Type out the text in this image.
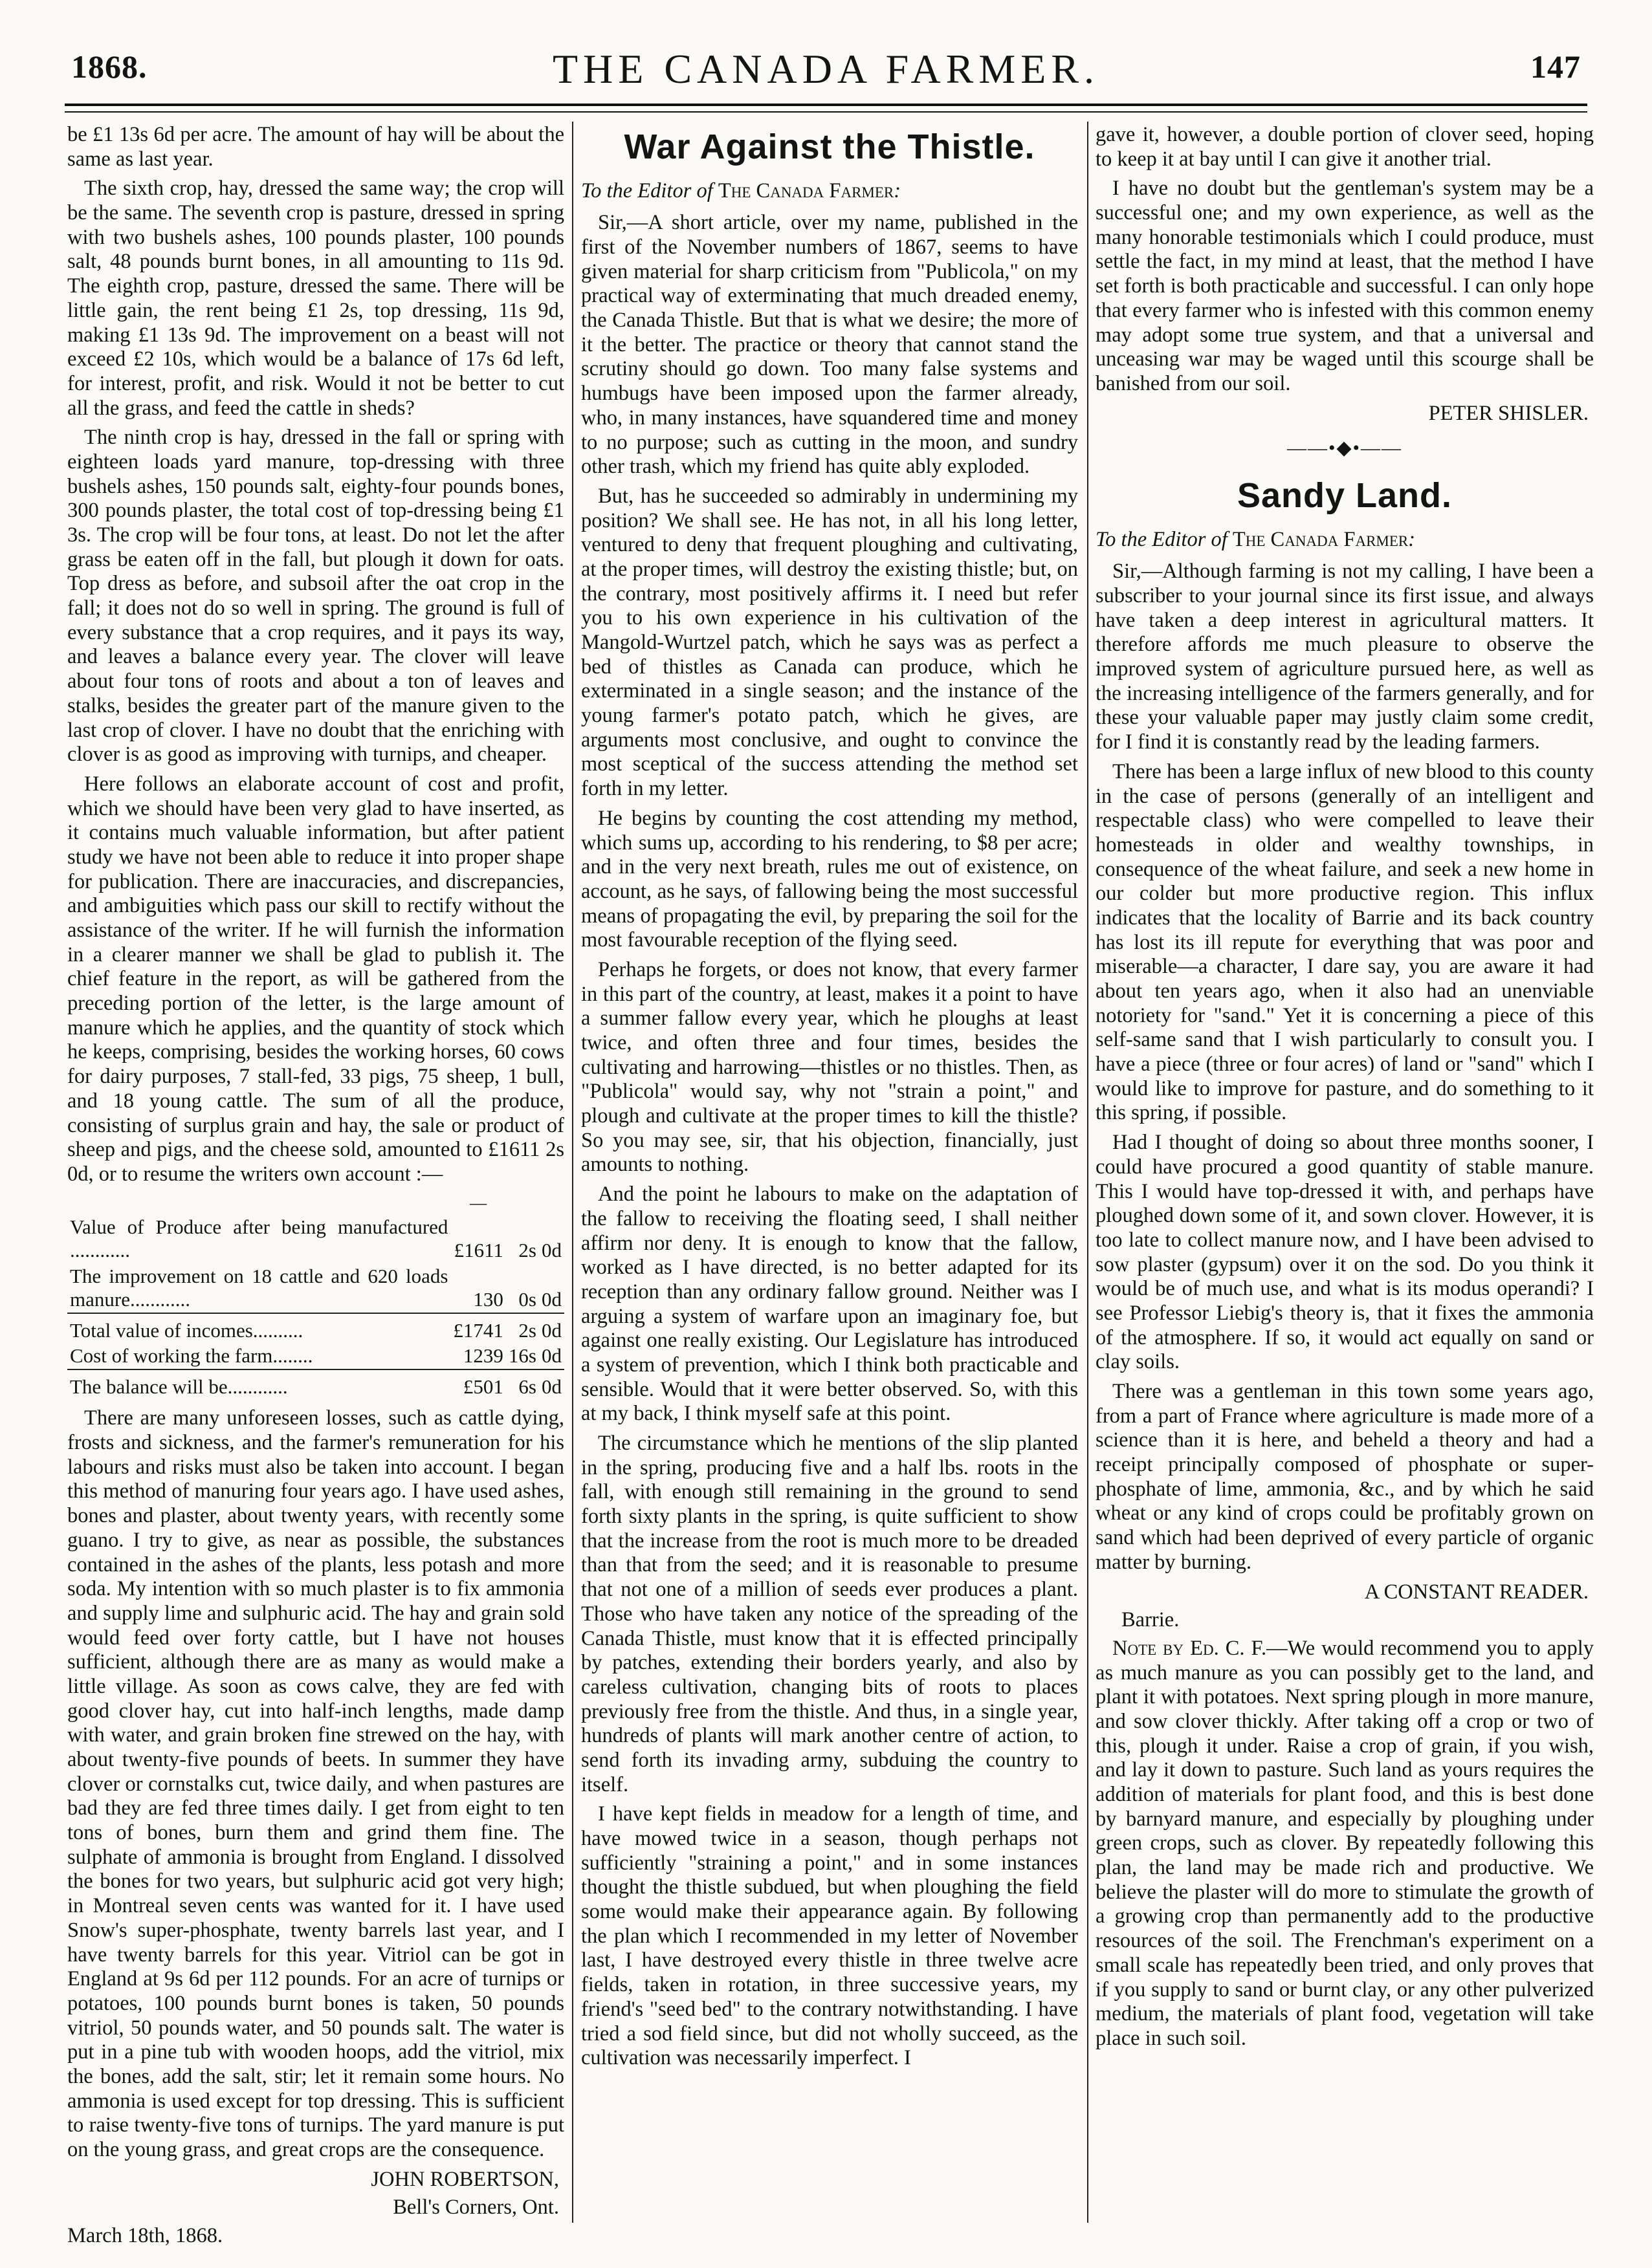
1868.	THE CANADA FARMER.	147

be £1 13s 6d per acre. The amount of hay will be about the same as last year.

The sixth crop, hay, dressed the same way; the crop will be the same. The seventh crop is pasture, dressed in spring with two bushels ashes, 100 pounds plaster, 100 pounds salt, 48 pounds burnt bones, in all amounting to 11s 9d. The eighth crop, pasture, dressed the same. There will be little gain, the rent being £1 2s, top dressing, 11s 9d, making £1 13s 9d. The improvement on a beast will not exceed £2 10s, which would be a balance of 17s 6d left, for interest, profit, and risk. Would it not be better to cut all the grass, and feed the cattle in sheds?

The ninth crop is hay, dressed in the fall or spring with eighteen loads yard manure, top-dressing with three bushels ashes, 150 pounds salt, eighty-four pounds bones, 300 pounds plaster, the total cost of top-dressing being £1 3s. The crop will be four tons, at least. Do not let the after grass be eaten off in the fall, but plough it down for oats. Top dress as before, and subsoil after the oat crop in the fall; it does not do so well in spring. The ground is full of every substance that a crop requires, and it pays its way, and leaves a balance every year. The clover will leave about four tons of roots and about a ton of leaves and stalks, besides the greater part of the manure given to the last crop of clover. I have no doubt that the enriching with clover is as good as improving with turnips, and cheaper.

Here follows an elaborate account of cost and profit, which we should have been very glad to have inserted, as it contains much valuable information, but after patient study we have not been able to reduce it into proper shape for publication. There are inaccuracies, and discrepancies, and ambiguities which pass our skill to rectify without the assistance of the writer. If he will furnish the information in a clearer manner we shall be glad to publish it. The chief feature in the report, as will be gathered from the preceding portion of the letter, is the large amount of manure which he applies, and the quantity of stock which he keeps, comprising, besides the working horses, 60 cows for dairy purposes, 7 stall-fed, 33 pigs, 75 sheep, 1 bull, and 18 young cattle. The sum of all the produce, consisting of surplus grain and hay, the sale or product of sheep and pigs, and the cheese sold, amounted to £1611 2s 0d, or to resume the writers own account :—

	—		
Value of Produce after being manufactured ............	£1611	2s	0d
The improvement on 18 cattle and 620 loads manure............	130	0s	0d
Total value of incomes..........	£1741	2s	0d
Cost of working the farm........	1239	16s	0d
The balance will be............	£501	6s	0d

There are many unforeseen losses, such as cattle dying, frosts and sickness, and the farmer's remuneration for his labours and risks must also be taken into account. I began this method of manuring four years ago. I have used ashes, bones and plaster, about twenty years, with recently some guano. I try to give, as near as possible, the substances contained in the ashes of the plants, less potash and more soda. My intention with so much plaster is to fix ammonia and supply lime and sulphuric acid. The hay and grain sold would feed over forty cattle, but I have not houses sufficient, although there are as many as would make a little village. As soon as cows calve, they are fed with good clover hay, cut into half-inch lengths, made damp with water, and grain broken fine strewed on the hay, with about twenty-five pounds of beets. In summer they have clover or cornstalks cut, twice daily, and when pastures are bad they are fed three times daily. I get from eight to ten tons of bones, burn them and grind them fine. The sulphate of ammonia is brought from England. I dissolved the bones for two years, but sulphuric acid got very high; in Montreal seven cents was wanted for it. I have used Snow's super-phosphate, twenty barrels last year, and I have twenty barrels for this year. Vitriol can be got in England at 9s 6d per 112 pounds. For an acre of turnips or potatoes, 100 pounds burnt bones is taken, 50 pounds vitriol, 50 pounds water, and 50 pounds salt. The water is put in a pine tub with wooden hoops, add the vitriol, mix the bones, add the salt, stir; let it remain some hours. No ammonia is used except for top dressing. This is sufficient to raise twenty-five tons of turnips. The yard manure is put on the young grass, and great crops are the consequence.

JOHN ROBERTSON,

Bell's Corners, Ont.

March 18th, 1868.

War Against the Thistle.

To the Editor of The Canada Farmer:

Sir,—A short article, over my name, published in the first of the November numbers of 1867, seems to have given material for sharp criticism from "Publicola," on my practical way of exterminating that much dreaded enemy, the Canada Thistle. But that is what we desire; the more of it the better. The practice or theory that cannot stand the scrutiny should go down. Too many false systems and humbugs have been imposed upon the farmer already, who, in many instances, have squandered time and money to no purpose; such as cutting in the moon, and sundry other trash, which my friend has quite ably exploded.

But, has he succeeded so admirably in undermining my position? We shall see. He has not, in all his long letter, ventured to deny that frequent ploughing and cultivating, at the proper times, will destroy the existing thistle; but, on the contrary, most positively affirms it. I need but refer you to his own experience in his cultivation of the Mangold-Wurtzel patch, which he says was as perfect a bed of thistles as Canada can produce, which he exterminated in a single season; and the instance of the young farmer's potato patch, which he gives, are arguments most conclusive, and ought to convince the most sceptical of the success attending the method set forth in my letter.

He begins by counting the cost attending my method, which sums up, according to his rendering, to $8 per acre; and in the very next breath, rules me out of existence, on account, as he says, of fallowing being the most successful means of propagating the evil, by preparing the soil for the most favourable reception of the flying seed.

Perhaps he forgets, or does not know, that every farmer in this part of the country, at least, makes it a point to have a summer fallow every year, which he ploughs at least twice, and often three and four times, besides the cultivating and harrowing—thistles or no thistles. Then, as "Publicola" would say, why not "strain a point," and plough and cultivate at the proper times to kill the thistle? So you may see, sir, that his objection, financially, just amounts to nothing.

And the point he labours to make on the adaptation of the fallow to receiving the floating seed, I shall neither affirm nor deny. It is enough to know that the fallow, worked as I have directed, is no better adapted for its reception than any ordinary fallow ground. Neither was I arguing a system of warfare upon an imaginary foe, but against one really existing. Our Legislature has introduced a system of prevention, which I think both practicable and sensible. Would that it were better observed. So, with this at my back, I think myself safe at this point.

The circumstance which he mentions of the slip planted in the spring, producing five and a half lbs. roots in the fall, with enough still remaining in the ground to send forth sixty plants in the spring, is quite sufficient to show that the increase from the root is much more to be dreaded than that from the seed; and it is reasonable to presume that not one of a million of seeds ever produces a plant. Those who have taken any notice of the spreading of the Canada Thistle, must know that it is effected principally by patches, extending their borders yearly, and also by careless cultivation, changing bits of roots to places previously free from the thistle. And thus, in a single year, hundreds of plants will mark another centre of action, to send forth its invading army, subduing the country to itself.

I have kept fields in meadow for a length of time, and have mowed twice in a season, though perhaps not sufficiently "straining a point," and in some instances thought the thistle subdued, but when ploughing the field some would make their appearance again. By following the plan which I recommended in my letter of November last, I have destroyed every thistle in three twelve acre fields, taken in rotation, in three successive years, my friend's "seed bed" to the contrary notwithstanding. I have tried a sod field since, but did not wholly succeed, as the cultivation was necessarily imperfect. I

gave it, however, a double portion of clover seed, hoping to keep it at bay until I can give it another trial.

I have no doubt but the gentleman's system may be a successful one; and my own experience, as well as the many honorable testimonials which I could produce, must settle the fact, in my mind at least, that the method I have set forth is both practicable and successful. I can only hope that every farmer who is infested with this common enemy may adopt some true system, and that a universal and unceasing war may be waged until this scourge shall be banished from our soil.

PETER SHISLER.

——•◆•——
Sandy Land.

To the Editor of The Canada Farmer:

Sir,—Although farming is not my calling, I have been a subscriber to your journal since its first issue, and always have taken a deep interest in agricultural matters. It therefore affords me much pleasure to observe the improved system of agriculture pursued here, as well as the increasing intelligence of the farmers generally, and for these your valuable paper may justly claim some credit, for I find it is constantly read by the leading farmers.

There has been a large influx of new blood to this county in the case of persons (generally of an intelligent and respectable class) who were compelled to leave their homesteads in older and wealthy townships, in consequence of the wheat failure, and seek a new home in our colder but more productive region. This influx indicates that the locality of Barrie and its back country has lost its ill repute for everything that was poor and miserable—a character, I dare say, you are aware it had about ten years ago, when it also had an unenviable notoriety for "sand." Yet it is concerning a piece of this self-same sand that I wish particularly to consult you. I have a piece (three or four acres) of land or "sand" which I would like to improve for pasture, and do something to it this spring, if possible.

Had I thought of doing so about three months sooner, I could have procured a good quantity of stable manure. This I would have top-dressed it with, and perhaps have ploughed down some of it, and sown clover. However, it is too late to collect manure now, and I have been advised to sow plaster (gypsum) over it on the sod. Do you think it would be of much use, and what is its modus operandi? I see Professor Liebig's theory is, that it fixes the ammonia of the atmosphere. If so, it would act equally on sand or clay soils.

There was a gentleman in this town some years ago, from a part of France where agriculture is made more of a science than it is here, and beheld a theory and had a receipt principally composed of phosphate or super-phosphate of lime, ammonia, &c., and by which he said wheat or any kind of crops could be profitably grown on sand which had been deprived of every particle of organic matter by burning.

A CONSTANT READER.

Barrie.

Note by Ed. C. F.—We would recommend you to apply as much manure as you can possibly get to the land, and plant it with potatoes. Next spring plough in more manure, and sow clover thickly. After taking off a crop or two of this, plough it under. Raise a crop of grain, if you wish, and lay it down to pasture. Such land as yours requires the addition of materials for plant food, and this is best done by barnyard manure, and especially by ploughing under green crops, such as clover. By repeatedly following this plan, the land may be made rich and productive. We believe the plaster will do more to stimulate the growth of a growing crop than permanently add to the productive resources of the soil. The Frenchman's experiment on a small scale has repeatedly been tried, and only proves that if you supply to sand or burnt clay, or any other pulverized medium, the materials of plant food, vegetation will take place in such soil.
